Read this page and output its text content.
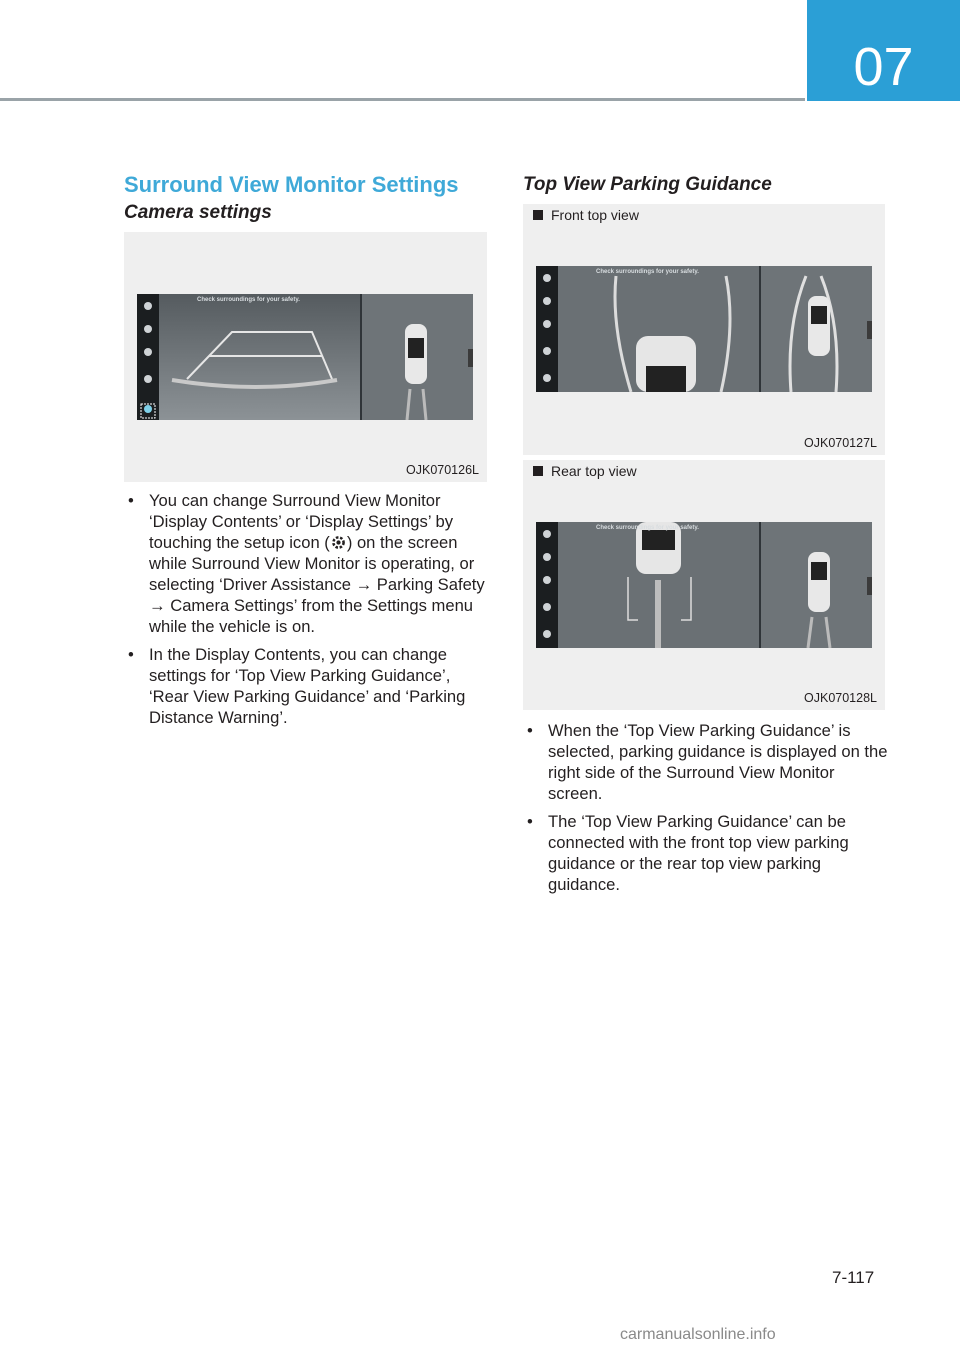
07
Surround View Monitor Settings
Camera settings
Check surroundings for your safety.
OJK070126L
• You can change Surround View Monitor ‘Display Contents’ or ‘Display Settings’ by touching the setup icon ( ) on the screen while Surround View Monitor is operating, or selecting ‘Driver Assistance → Parking Safety → Camera Settings’ from the Settings menu while the vehicle is on.
• In the Display Contents, you can change settings for ‘Top View Parking Guidance’, ‘Rear View Parking Guidance’ and ‘Parking Distance Warning’.
Top View Parking Guidance
Front top view
Check surroundings for your safety.
OJK070127L
Rear top view
Check surroundings for your safety.
OJK070128L
• When the ‘Top View Parking Guidance’ is selected, parking guidance is displayed on the right side of the Surround View Monitor screen.
• The ‘Top View Parking Guidance’ can be connected with the front top view parking guidance or the rear top view parking guidance.
7-117
carmanualsonline.info
